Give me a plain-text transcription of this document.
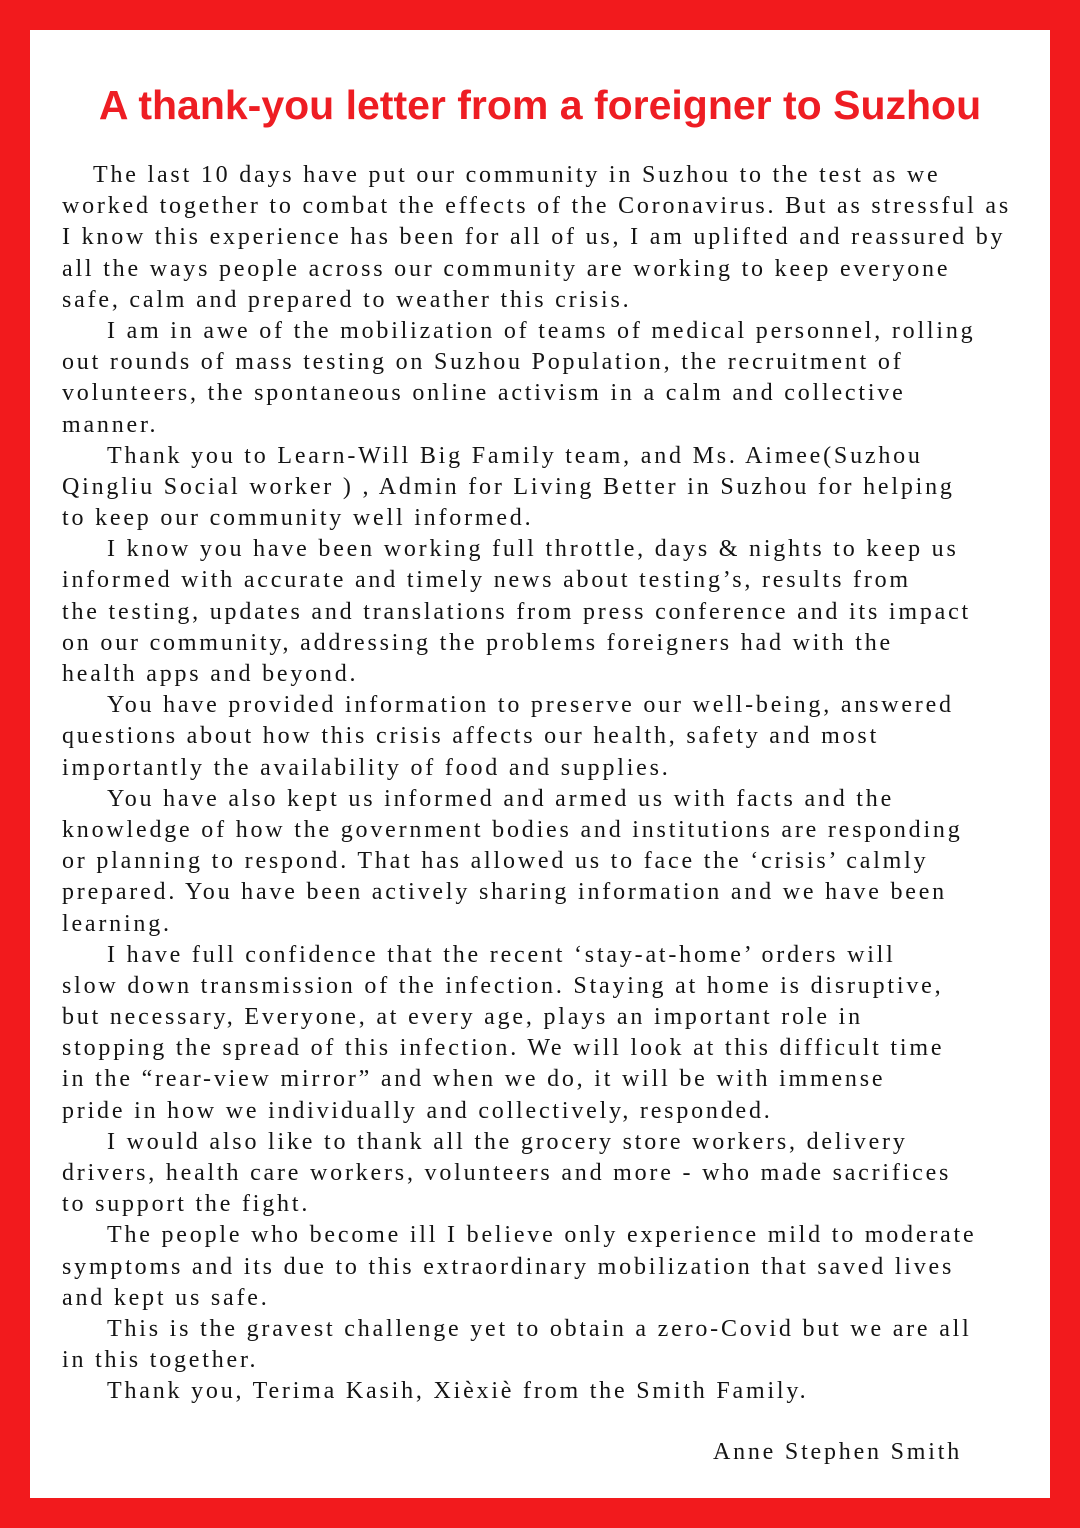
A thank-you letter from a foreigner to Suzhou
The last 10 days have put our community in Suzhou to the test as we
worked together to combat the effects of the Coronavirus. But as stressful as
I know this experience has been for all of us, I am uplifted and reassured by
all the ways people across our community are working to keep everyone
safe, calm and prepared to weather this crisis.
I am in awe of the mobilization of teams of medical personnel, rolling
out rounds of mass testing on Suzhou Population, the recruitment of
volunteers, the spontaneous online activism in a calm and collective
manner.
Thank you to Learn-Will Big Family team, and Ms. Aimee(Suzhou
Qingliu Social worker ) , Admin for Living Better in Suzhou for helping
to keep our community well informed.
I know you have been working full throttle, days & nights to keep us
informed with accurate and timely news about testing’s, results from
the testing, updates and translations from press conference and its impact
on our community, addressing the problems foreigners had with the
health apps and beyond.
You have provided information to preserve our well-being, answered
questions about how this crisis affects our health, safety and most
importantly the availability of food and supplies.
You have also kept us informed and armed us with facts and the
knowledge of how the government bodies and institutions are responding
or planning to respond. That has allowed us to face the ‘crisis’ calmly
prepared. You have been actively sharing information and we have been
learning.
I have full confidence that the recent ‘stay-at-home’ orders will
slow down transmission of the infection. Staying at home is disruptive,
but necessary, Everyone, at every age, plays an important role in
stopping the spread of this infection. We will look at this difficult time
in the “rear-view mirror” and when we do, it will be with immense
pride in how we individually and collectively, responded.
I would also like to thank all the grocery store workers, delivery
drivers, health care workers, volunteers and more - who made sacrifices
to support the fight.
The people who become ill I believe only experience mild to moderate
symptoms and its due to this extraordinary mobilization that saved lives
and kept us safe.
This is the gravest challenge yet to obtain a zero-Covid but we are all
in this together.
Thank you, Terima Kasih, Xièxiè from the Smith Family.
Anne Stephen Smith
